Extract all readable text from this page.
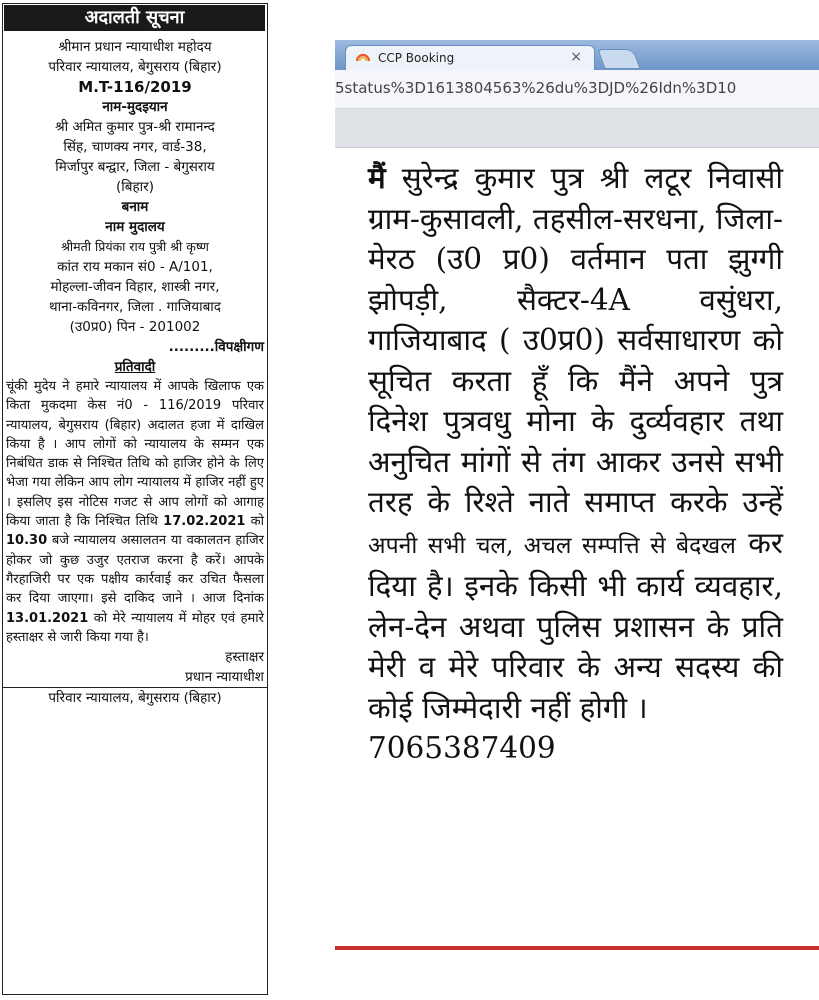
अदालती सूचना
श्रीमान प्रधान न्यायाधीश महोदय
परिवार न्यायालय, बेगुसराय (बिहार)
M.T-116/2019
नाम-मुदइयान
श्री अमित कुमार पुत्र-श्री रामानन्द
सिंह, चाणक्य नगर, वार्ड-38,
मिर्जापुर बन्द्वार, जिला - बेगुसराय
(बिहार)
बनाम
नाम मुदालय
श्रीमती प्रियंका राय पुत्री श्री कृष्ण
कांत राय मकान सं0 - A/101,
मोहल्ला-जीवन विहार, शास्त्री नगर,
थाना-कविनगर, जिला . गाजियाबाद
(उ0प्र0) पिन - 201002
.........विपक्षीगण
प्रतिवादी
चूंकी मुदेय ने हमारे न्यायालय में आपके खिलाफ एक किता मुकदमा केस नं0 - 116/2019 परिवार न्यायालय, बेगुसराय (बिहार) अदालत हजा में दाखिल किया है । आप लोगों को न्यायालय के सम्मन एक निबंधित डाक से निश्चित तिथि को हाजिर होने के लिए भेजा गया लेकिन आप लोग न्यायालय में हाजिर नहीं हुए । इसलिए इस नोटिस गजट से आप लोगों को आगाह किया जाता है कि निश्चित तिथि 17.02.2021 को 10.30 बजे न्यायालय असालतन या वकालतन हाजिर होकर जो कुछ उजुर एतराज करना है करें। आपके गैरहाजिरी पर एक पक्षीय कार्रवाई कर उचित फैसला कर दिया जाएगा। इसे दाकिद जाने । आज दिनांक 13.01.2021 को मेरे न्यायालय में मोहर एवं हमारे हस्ताक्षर से जारी किया गया है।
हस्ताक्षर
प्रधान न्यायाधीश
परिवार न्यायालय, बेगुसराय (बिहार)
CCP Booking	×
5status%3D1613804563%26du%3DJD%26Idn%3D10
मैं सुरेन्द्र कुमार पुत्र श्री लटूर निवासी ग्राम-कुसावली, तहसील-सरधना, जिला-मेरठ (उ0 प्र0) वर्तमान पता झुग्गी झोपड़ी, सैक्टर-4A वसुंधरा, गाजियाबाद ( उ0प्र0) सर्वसाधारण को सूचित करता हूँ कि मैंने अपने पुत्र दिनेश पुत्रवधु मोना के दुर्व्यवहार तथा अनुचित मांगों से तंग आकर उनसे सभी तरह के रिश्ते नाते समाप्त करके उन्हें अपनी सभी चल, अचल सम्पत्ति से बेदखल कर दिया है। इनके किसी भी कार्य व्यवहार, लेन-देन अथवा पुलिस प्रशासन के प्रति मेरी व मेरे परिवार के अन्य सदस्य की कोई जिम्मेदारी नहीं होगी ।
7065387409
